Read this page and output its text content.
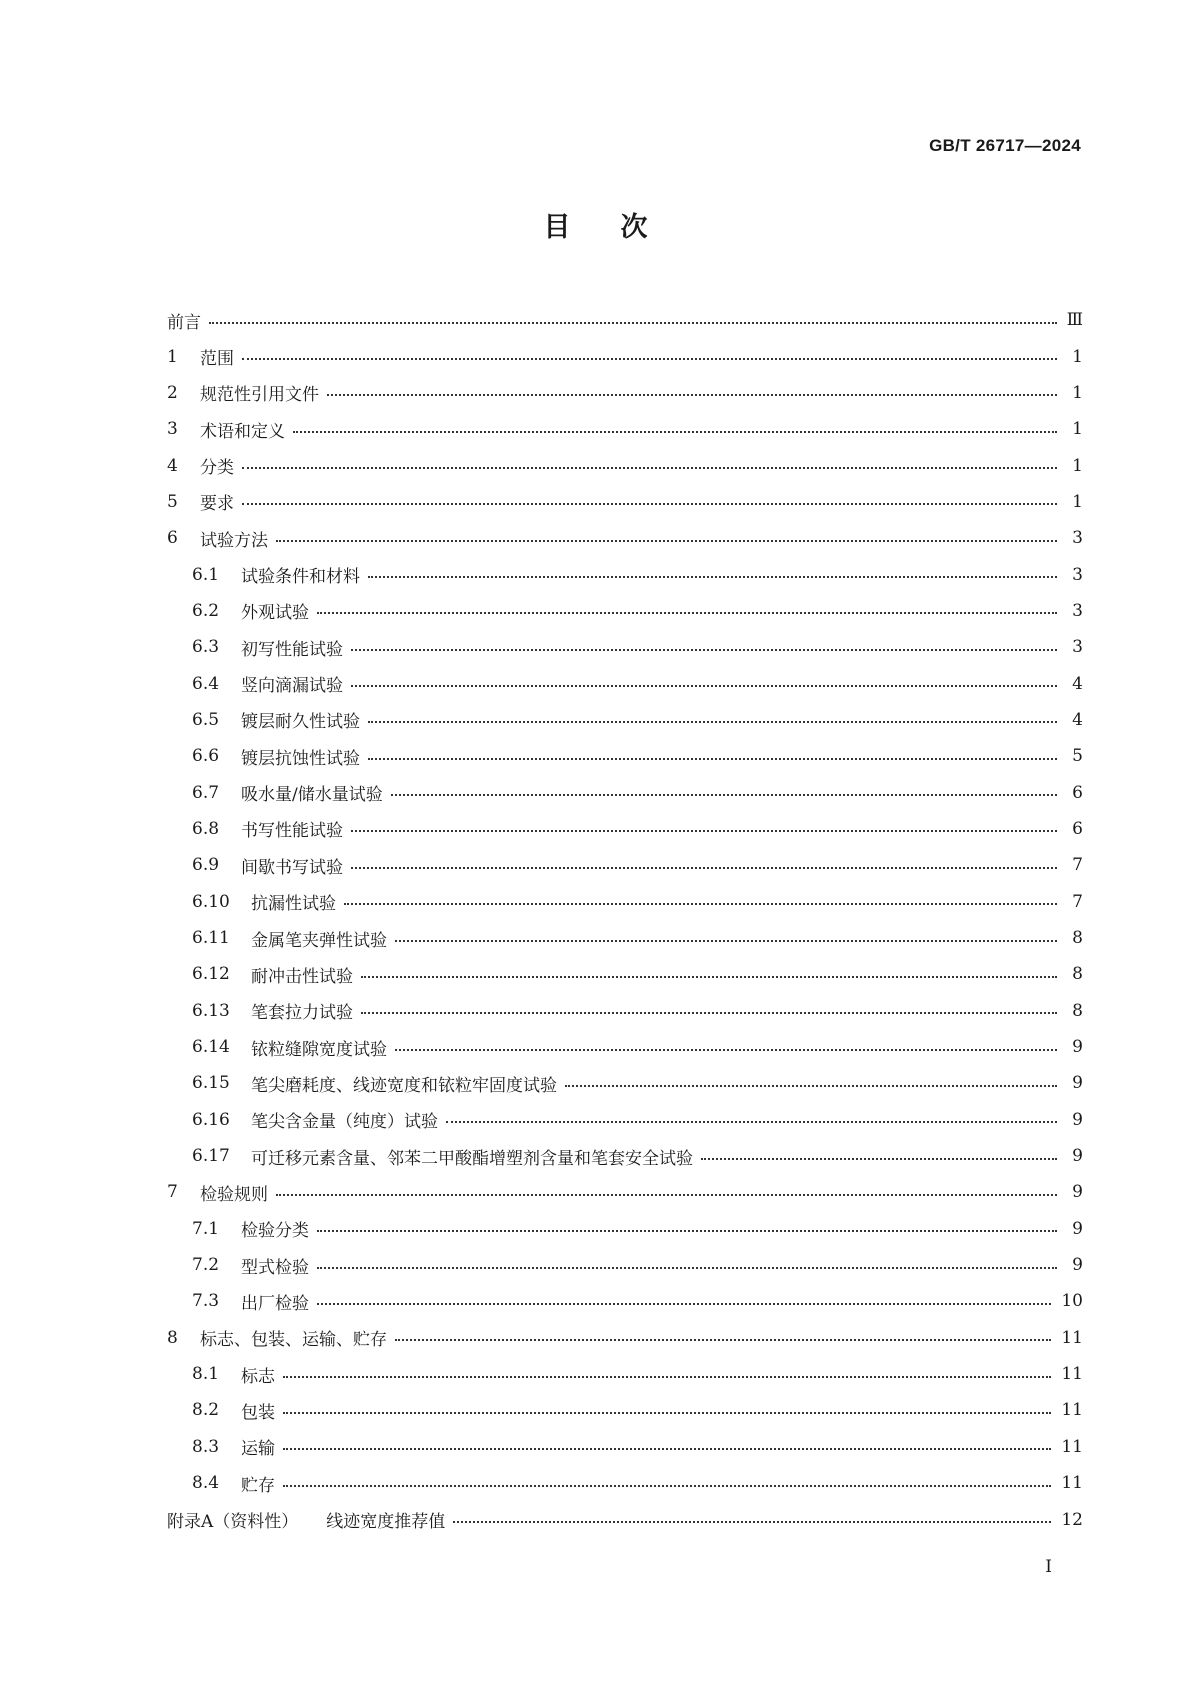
GB/T 26717—2024
目 次
前言	Ⅲ
1	范围	1
2	规范性引用文件	1
3	术语和定义	1
4	分类	1
5	要求	1
6	试验方法	3
6.1	试验条件和材料	3
6.2	外观试验	3
6.3	初写性能试验	3
6.4	竖向滴漏试验	4
6.5	镀层耐久性试验	4
6.6	镀层抗蚀性试验	5
6.7	吸水量/储水量试验	6
6.8	书写性能试验	6
6.9	间歇书写试验	7
6.10	抗漏性试验	7
6.11	金属笔夹弹性试验	8
6.12	耐冲击性试验	8
6.13	笔套拉力试验	8
6.14	铱粒缝隙宽度试验	9
6.15	笔尖磨耗度、线迹宽度和铱粒牢固度试验	9
6.16	笔尖含金量（纯度）试验	9
6.17	可迁移元素含量、邻苯二甲酸酯增塑剂含量和笔套安全试验	9
7	检验规则	9
7.1	检验分类	9
7.2	型式检验	9
7.3	出厂检验	10
8	标志、包装、运输、贮存	11
8.1	标志	11
8.2	包装	11
8.3	运输	11
8.4	贮存	11
附录A（资料性） 线迹宽度推荐值	12
Ⅰ
